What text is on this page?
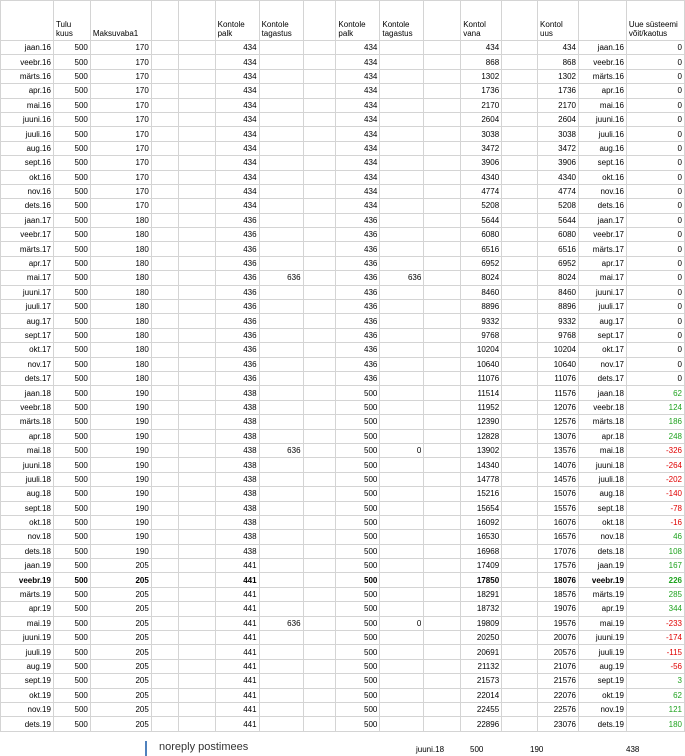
	Tulu kuus	Maksuvaba1			Kontole palk	Kontole tagastus		Kontole palk	Kontole tagastus		Kontol vana		Kontol uus		Uue süsteemi võit/kaotus
jaan.16	500	170			434			434			434		434	jaan.16	0
veebr.16	500	170			434			434			868		868	veebr.16	0
märts.16	500	170			434			434			1302		1302	märts.16	0
apr.16	500	170			434			434			1736		1736	apr.16	0
mai.16	500	170			434			434			2170		2170	mai.16	0
juuni.16	500	170			434			434			2604		2604	juuni.16	0
juuli.16	500	170			434			434			3038		3038	juuli.16	0
aug.16	500	170			434			434			3472		3472	aug.16	0
sept.16	500	170			434			434			3906		3906	sept.16	0
okt.16	500	170			434			434			4340		4340	okt.16	0
nov.16	500	170			434			434			4774		4774	nov.16	0
dets.16	500	170			434			434			5208		5208	dets.16	0
jaan.17	500	180			436			436			5644		5644	jaan.17	0
veebr.17	500	180			436			436			6080		6080	veebr.17	0
märts.17	500	180			436			436			6516		6516	märts.17	0
apr.17	500	180			436			436			6952		6952	apr.17	0
mai.17	500	180			436	636		436	636		8024		8024	mai.17	0
juuni.17	500	180			436			436			8460		8460	juuni.17	0
juuli.17	500	180			436			436			8896		8896	juuli.17	0
aug.17	500	180			436			436			9332		9332	aug.17	0
sept.17	500	180			436			436			9768		9768	sept.17	0
okt.17	500	180			436			436			10204		10204	okt.17	0
nov.17	500	180			436			436			10640		10640	nov.17	0
dets.17	500	180			436			436			11076		11076	dets.17	0
jaan.18	500	190			438			500			11514		11576	jaan.18	62
veebr.18	500	190			438			500			11952		12076	veebr.18	124
märts.18	500	190			438			500			12390		12576	märts.18	186
apr.18	500	190			438			500			12828		13076	apr.18	248
mai.18	500	190			438	636		500	0		13902		13576	mai.18	-326
juuni.18	500	190			438			500			14340		14076	juuni.18	-264
juuli.18	500	190			438			500			14778		14576	juuli.18	-202
aug.18	500	190			438			500			15216		15076	aug.18	-140
sept.18	500	190			438			500			15654		15576	sept.18	-78
okt.18	500	190			438			500			16092		16076	okt.18	-16
nov.18	500	190			438			500			16530		16576	nov.18	46
dets.18	500	190			438			500			16968		17076	dets.18	108
jaan.19	500	205			441			500			17409		17576	jaan.19	167
veebr.19	500	205			441			500			17850		18076	veebr.19	226
märts.19	500	205			441			500			18291		18576	märts.19	285
apr.19	500	205			441			500			18732		19076	apr.19	344
mai.19	500	205			441	636		500	0		19809		19576	mai.19	-233
juuni.19	500	205			441			500			20250		20076	juuni.19	-174
juuli.19	500	205			441			500			20691		20576	juuli.19	-115
aug.19	500	205			441			500			21132		21076	aug.19	-56
sept.19	500	205			441			500			21573		21576	sept.19	3
okt.19	500	205			441			500			22014		22076	okt.19	62
nov.19	500	205			441			500			22455		22576	nov.19	121
dets.19	500	205			441			500			22896		23076	dets.19	180
noreply postimees	juuni.18	500	190	438
